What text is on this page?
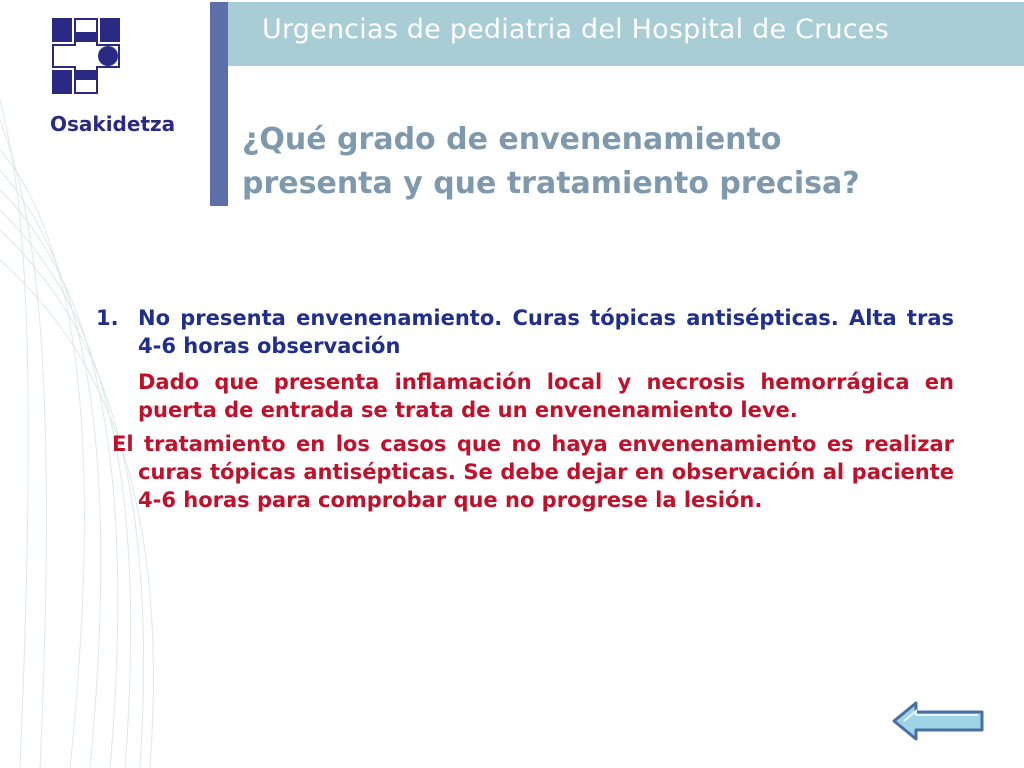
Osakidetza
Urgencias de pediatria del Hospital de Cruces
¿Qué grado de envenenamiento presenta y que tratamiento precisa?
1. No presenta envenenamiento. Curas tópicas antisépticas. Alta tras 4-6 horas observación
Dado que presenta inflamación local y necrosis hemorrágica en puerta de entrada se trata de un envenenamiento leve.
El tratamiento en los casos que no haya envenenamiento es realizar curas tópicas antisépticas. Se debe dejar en observación al paciente 4-6 horas para comprobar que no progrese la lesión.
